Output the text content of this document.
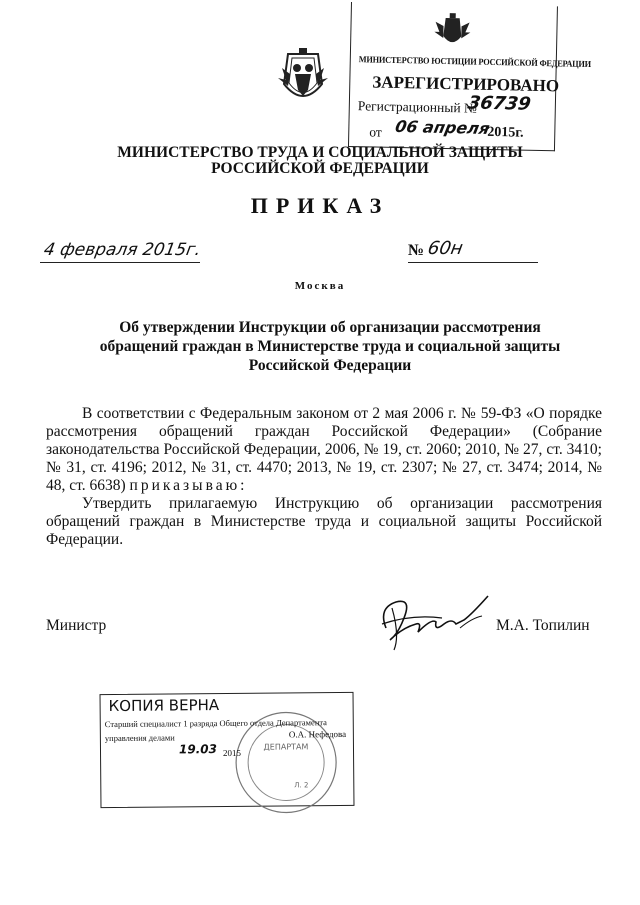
МИНИСТЕРСТВО ЮСТИЦИИ РОССИЙСКОЙ ФЕДЕРАЦИИ
ЗАРЕГИСТРИРОВАНО
Регистрационный №
36739
от 06 апреля
2015г.
МИНИСТЕРСТВО ТРУДА И СОЦИАЛЬНОЙ ЗАЩИТЫ
РОССИЙСКОЙ ФЕДЕРАЦИИ
ПРИКАЗ
4 февраля 2015г.	№ 60н
Москва
Об утверждении Инструкции об организации рассмотрения
обращений граждан в Министерстве труда и социальной защиты
Российской Федерации

В соответствии с Федеральным законом от 2 мая 2006 г. № 59-ФЗ «О порядке рассмотрения обращений граждан Российской Федерации» (Собрание законодательства Российской Федерации, 2006, № 19, ст. 2060; 2010, № 27, ст. 3410; № 31, ст. 4196; 2012, № 31, ст. 4470; 2013, № 19, ст. 2307; № 27, ст. 3474; 2014, № 48, ст. 6638) приказываю:

Утвердить прилагаемую Инструкцию об организации рассмотрения обращений граждан в Министерстве труда и социальной защиты Российской Федерации.

Министр	М.А. Топилин
ДЕПАРТАМ
Л. 2
КОПИЯ ВЕРНА
Старший специалист 1 разряда Общего отдела Департамента
управления делами	О.А. Нефедова
19.03 2015
